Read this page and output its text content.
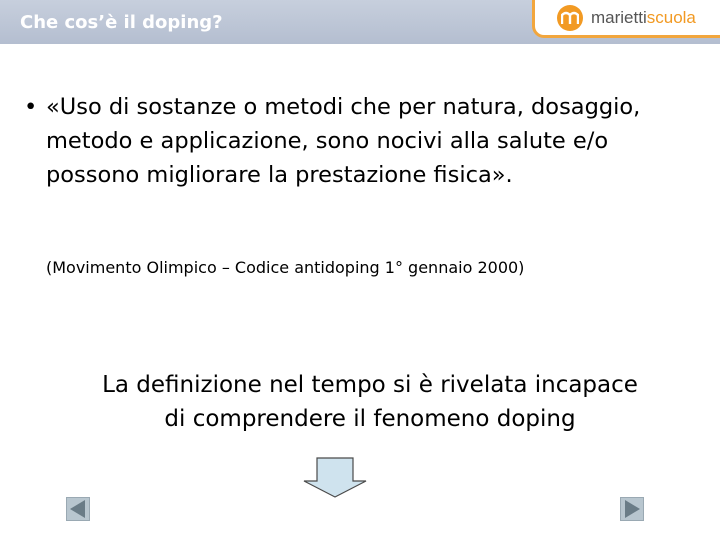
Che cos’è il doping?	mariettiscuola
• «Uso di sostanze o metodi che per natura, dosaggio, metodo e applicazione, sono nocivi alla salute e/o possono migliorare la prestazione fisica».
(Movimento Olimpico – Codice antidoping 1° gennaio 2000)
La definizione nel tempo si è rivelata incapace
di comprendere il fenomeno doping
